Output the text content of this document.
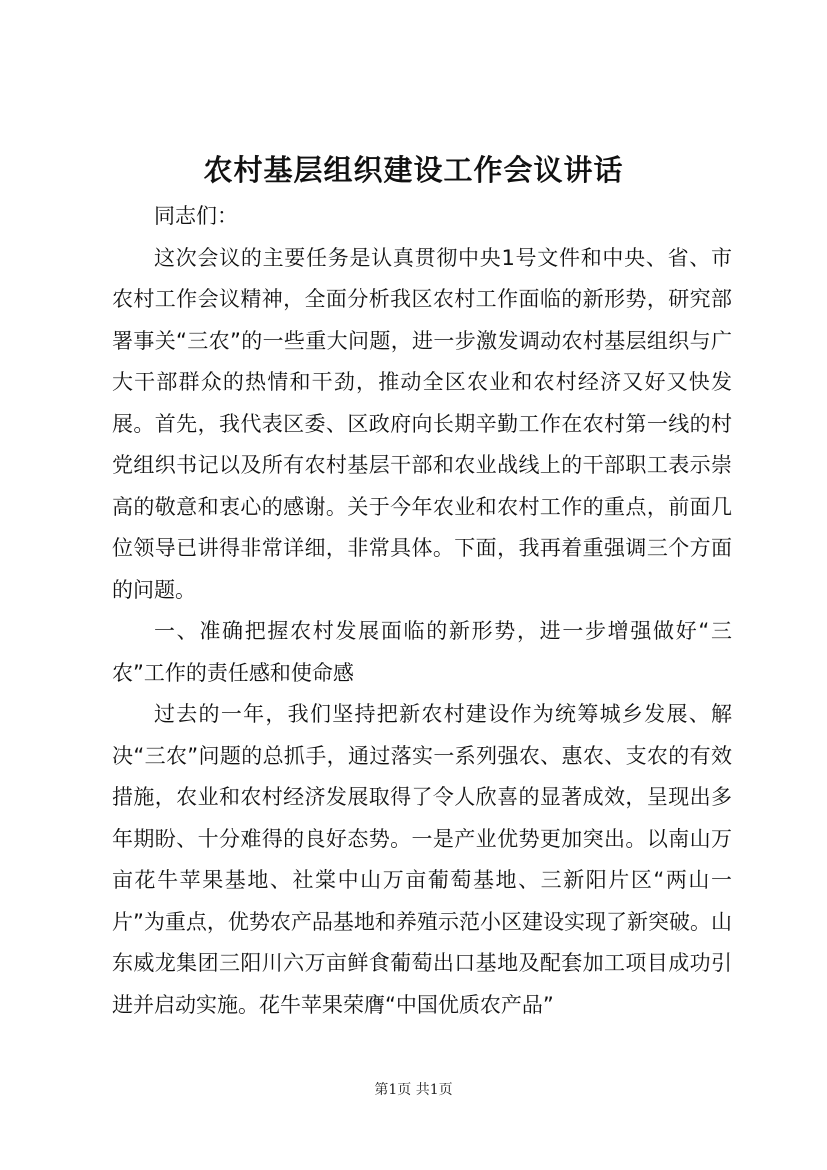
农村基层组织建设工作会议讲话

同志们：

这次会议的主要任务是认真贯彻中央1号文件和中央、省、市农村工作会议精神，全面分析我区农村工作面临的新形势，研究部署事关“三农”的一些重大问题，进一步激发调动农村基层组织与广大干部群众的热情和干劲，推动全区农业和农村经济又好又快发展。首先，我代表区委、区政府向长期辛勤工作在农村第一线的村党组织书记以及所有农村基层干部和农业战线上的干部职工表示崇高的敬意和衷心的感谢。关于今年农业和农村工作的重点，前面几位领导已讲得非常详细，非常具体。下面，我再着重强调三个方面的问题。

一、准确把握农村发展面临的新形势，进一步增强做好“三农”工作的责任感和使命感

过去的一年，我们坚持把新农村建设作为统筹城乡发展、解决“三农”问题的总抓手，通过落实一系列强农、惠农、支农的有效措施，农业和农村经济发展取得了令人欣喜的显著成效，呈现出多年期盼、十分难得的良好态势。一是产业优势更加突出。以南山万亩花牛苹果基地、社棠中山万亩葡萄基地、三新阳片区“两山一片”为重点，优势农产品基地和养殖示范小区建设实现了新突破。山东威龙集团三阳川六万亩鲜食葡萄出口基地及配套加工项目成功引进并启动实施。花牛苹果荣膺“中国优质农产品”

第1页 共1页
